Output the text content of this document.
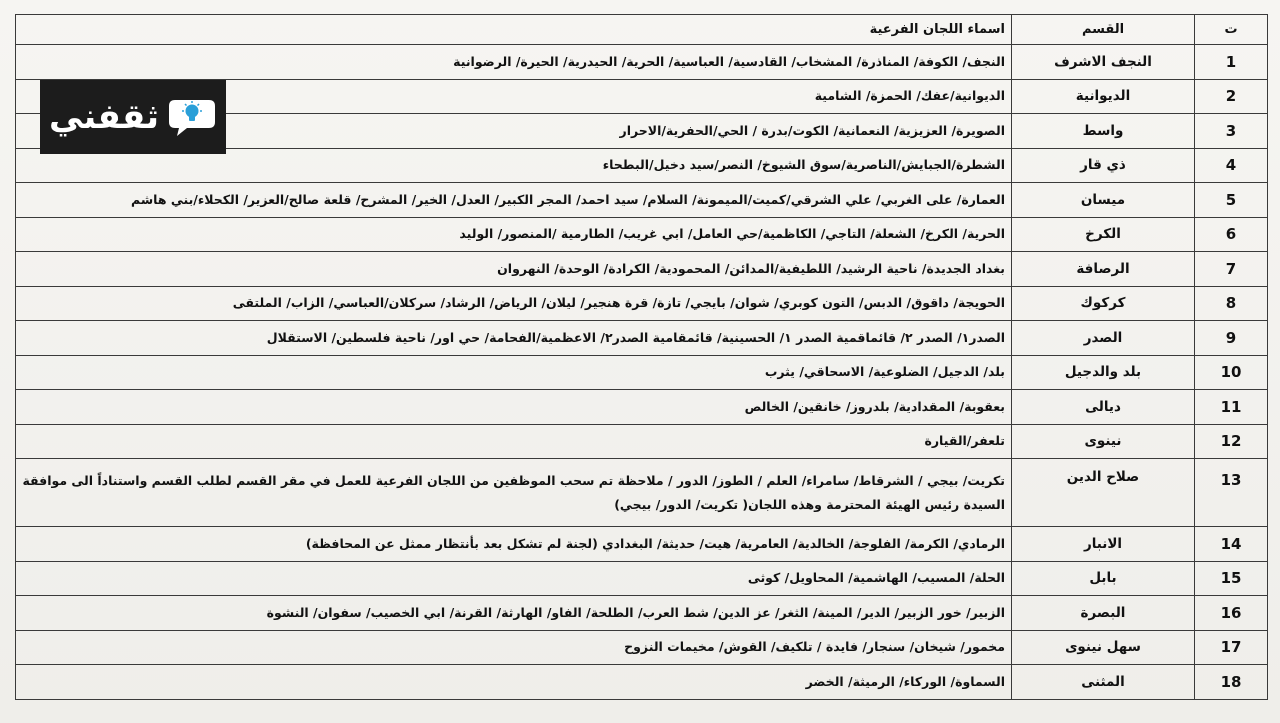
ت	القسم	اسماء اللجان الفرعية
1	النجف الاشرف	النجف/ الكوفة/ المناذرة/ المشخاب/ القادسية/ العباسية/ الحرية/ الحيدرية/ الحيرة/ الرضوانية
2	الديوانية	الديوانية/عفك/ الحمزة/ الشامية
3	واسط	الصويرة/ العزيزية/ النعمانية/ الكوت/بدرة / الحي/الحفرية/الاحرار
4	ذي قار	الشطرة/الجبايش/الناصرية/سوق الشيوخ/ النصر/سيد دخيل/البطحاء
5	ميسان	العمارة/ على الغربي/ علي الشرقي/كميت/الميمونة/ السلام/ سيد احمد/ المجر الكبير/ العدل/ الخير/ المشرح/ قلعة صالح/العزير/ الكحلاء/بني هاشم
6	الكرخ	الحرية/ الكرخ/ الشعلة/ التاجي/ الكاظمية/حي العامل/ ابي غريب/ الطارمية /المنصور/ الوليد
7	الرصافة	بغداد الجديدة/ ناحية الرشيد/ اللطيفية/المدائن/ المحمودية/ الكرادة/ الوحدة/ النهروان
8	كركوك	الحويجة/ داقوق/ الدبس/ التون كوبري/ شوان/ بايجي/ تازة/ قرة هنجير/ ليلان/ الرياض/ الرشاد/ سركلان/العباسي/ الزاب/ الملتقى
9	الصدر	الصدر١/ الصدر ٢/ قائماقمية الصدر ١/ الحسينية/ قائمقامية الصدر٢/ الاعظمية/الفحامة/ حي اور/ ناحية فلسطين/ الاستقلال
10	بلد والدجيل	بلد/ الدجيل/ الضلوعية/ الاسحاقي/ يثرب
11	ديالى	بعقوبة/ المقدادية/ بلدروز/ خانقين/ الخالص
12	نينوى	تلعفر/القيارة
13	صلاح الدين	تكريت/ بيجي / الشرقاط/ سامراء/ العلم / الطوز/ الدور / ملاحظة تم سحب الموظفين من اللجان الفرعية للعمل في مقر القسم لطلب القسم واستناداً الى موافقة السيدة رئيس الهيئة المحترمة وهذه اللجان( تكريت/ الدور/ بيجي)
14	الانبار	الرمادي/ الكرمة/ الفلوجة/ الخالدية/ العامرية/ هيت/ حديثة/ البغدادي (لجنة لم تشكل بعد بأنتظار ممثل عن المحافظة)
15	بابل	الحلة/ المسيب/ الهاشمية/ المحاويل/ كوثى
16	البصرة	الزبير/ خور الزبير/ الدير/ المينة/ الثغر/ عز الدين/ شط العرب/ الطلحة/ الفاو/ الهارثة/ القرنة/ ابي الخصيب/ سفوان/ النشوة
17	سهل نينوى	مخمور/ شيخان/ سنجار/ فايدة / تلكيف/ القوش/ مخيمات النزوح
18	المثنى	السماوة/ الوركاء/ الرميثة/ الخضر
ثقفني
